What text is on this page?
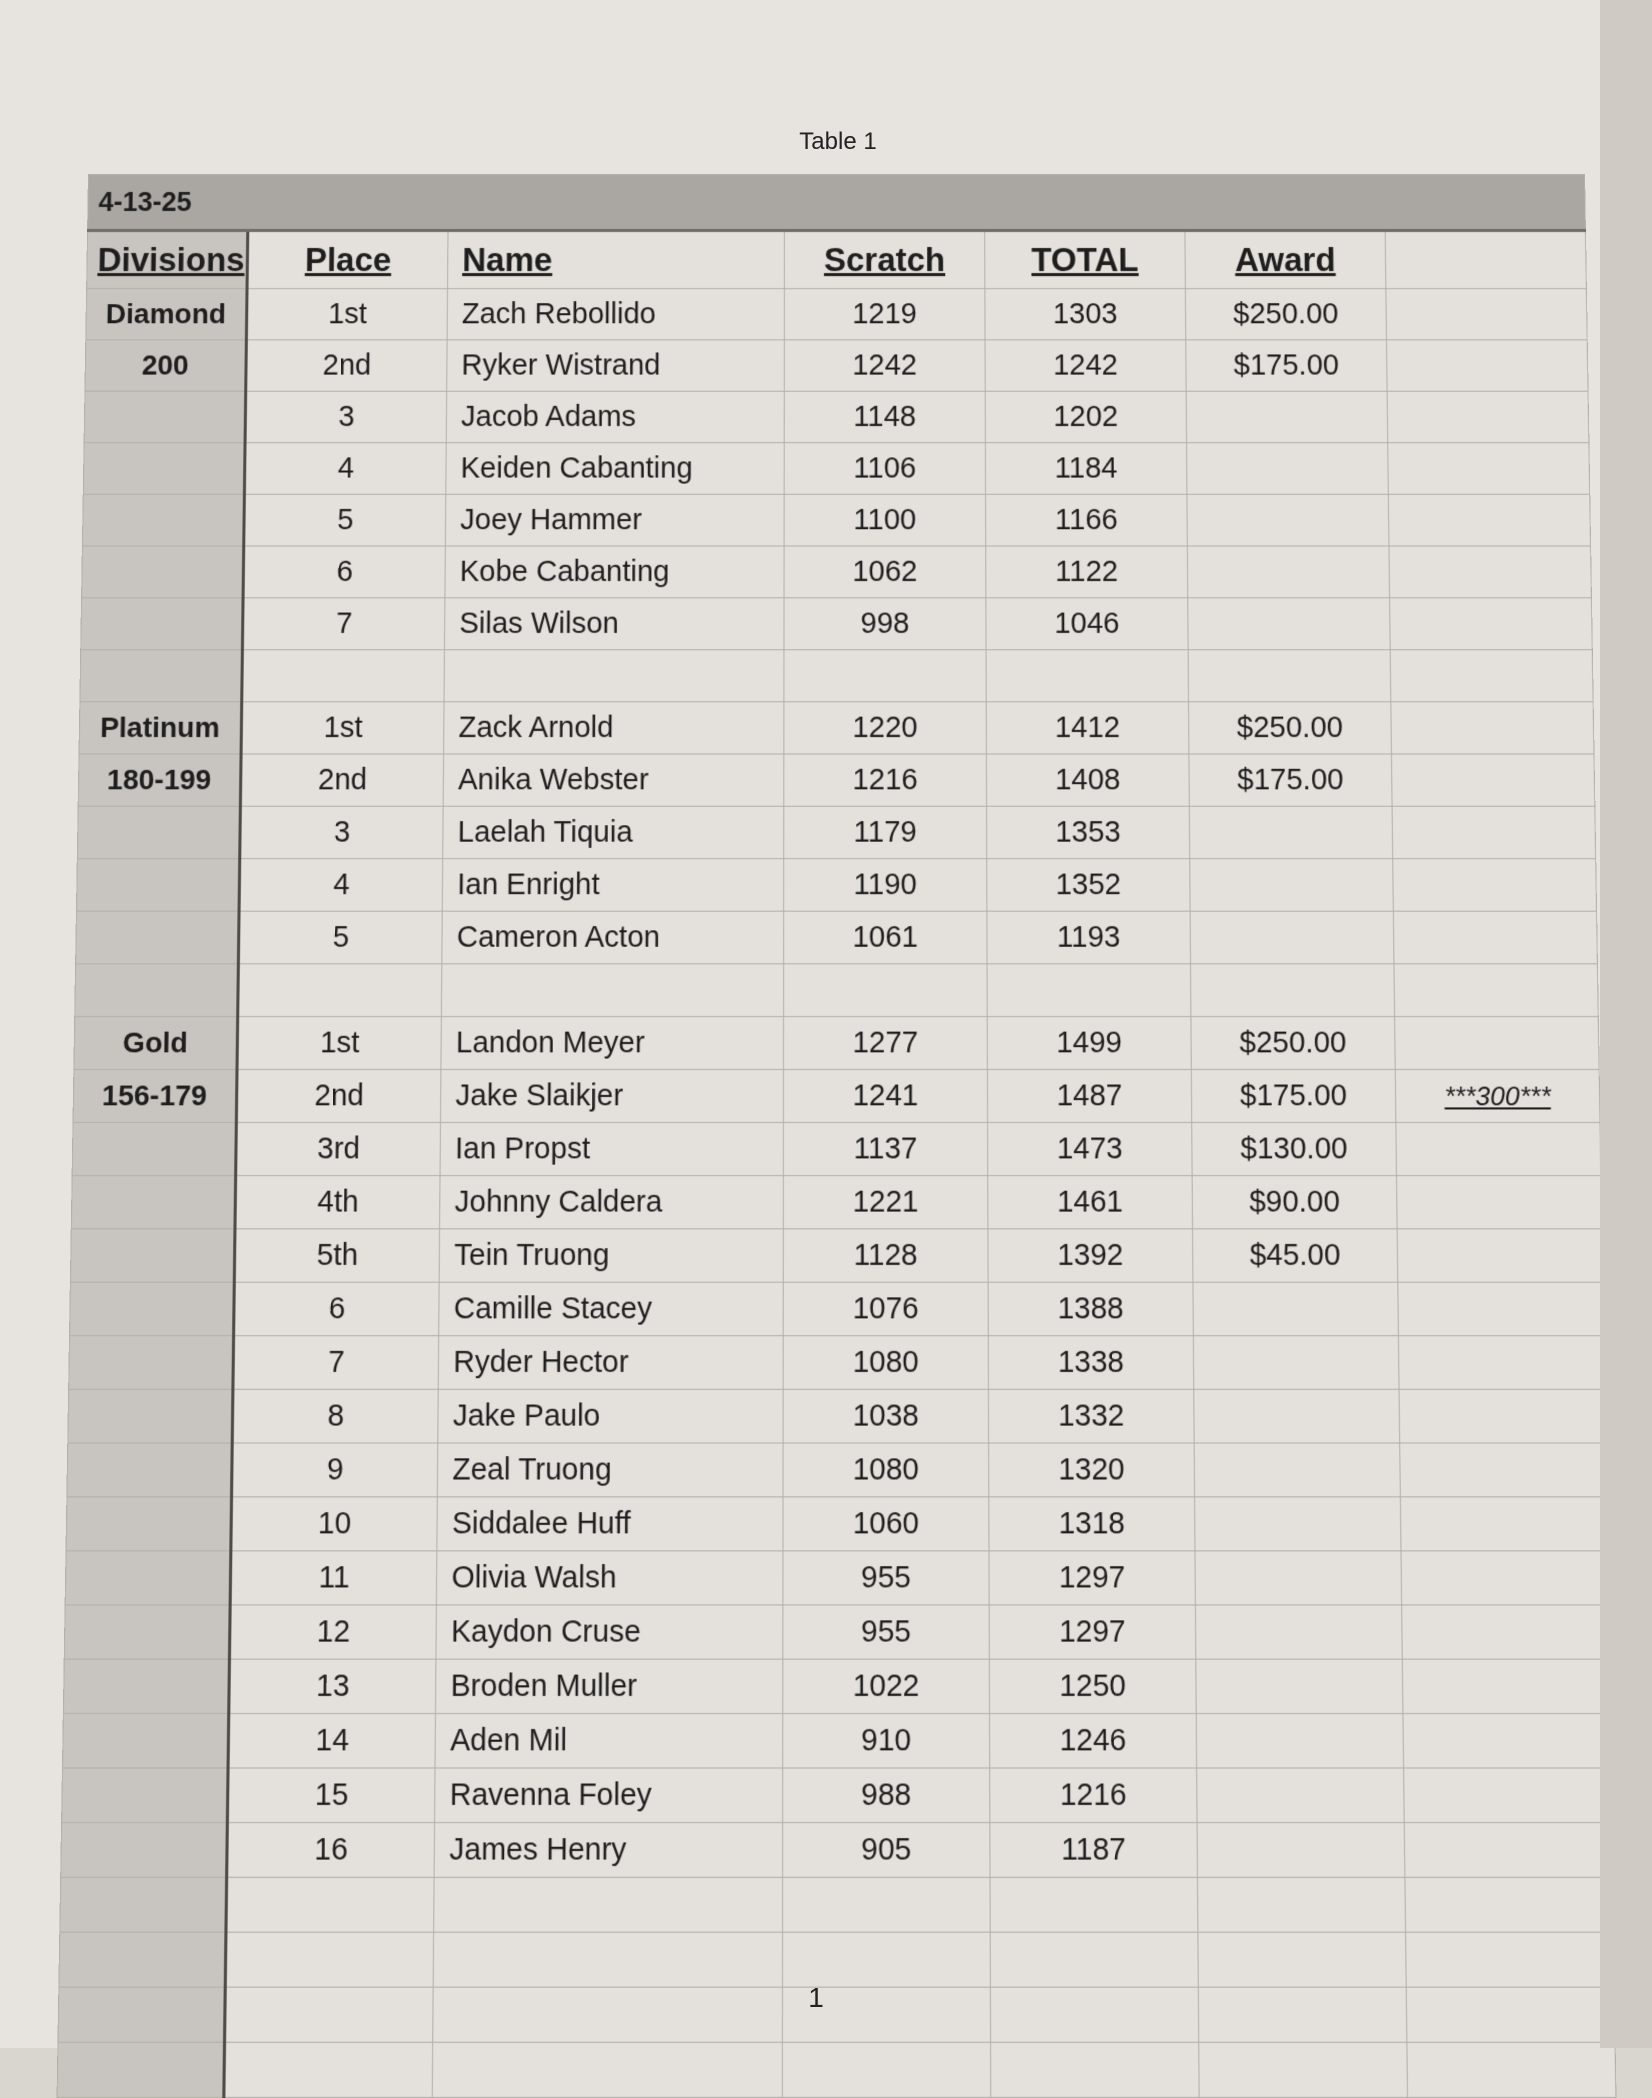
Table 1
4-13-25						
Divisions	Place	Name	Scratch	TOTAL	Award	
Diamond	1st	Zach Rebollido	1219	1303	$250.00	
200	2nd	Ryker Wistrand	1242	1242	$175.00	
	3	Jacob Adams	1148	1202		
	4	Keiden Cabanting	1106	1184		
	5	Joey Hammer	1100	1166		
	6	Kobe Cabanting	1062	1122		
	7	Silas Wilson	998	1046		

Platinum	1st	Zack Arnold	1220	1412	$250.00	
180-199	2nd	Anika Webster	1216	1408	$175.00	
	3	Laelah Tiquia	1179	1353		
	4	Ian Enright	1190	1352		
	5	Cameron Acton	1061	1193		

Gold	1st	Landon Meyer	1277	1499	$250.00	
156-179	2nd	Jake Slaikjer	1241	1487	$175.00	***300***
	3rd	Ian Propst	1137	1473	$130.00	
	4th	Johnny Caldera	1221	1461	$90.00	
	5th	Tein Truong	1128	1392	$45.00	
	6	Camille Stacey	1076	1388		
	7	Ryder Hector	1080	1338		
	8	Jake Paulo	1038	1332		
	9	Zeal Truong	1080	1320		
	10	Siddalee Huff	1060	1318		
	11	Olivia Walsh	955	1297		
	12	Kaydon Cruse	955	1297		
	13	Broden Muller	1022	1250		
	14	Aden Mil	910	1246		
	15	Ravenna Foley	988	1216		
	16	James Henry	905	1187		

1
